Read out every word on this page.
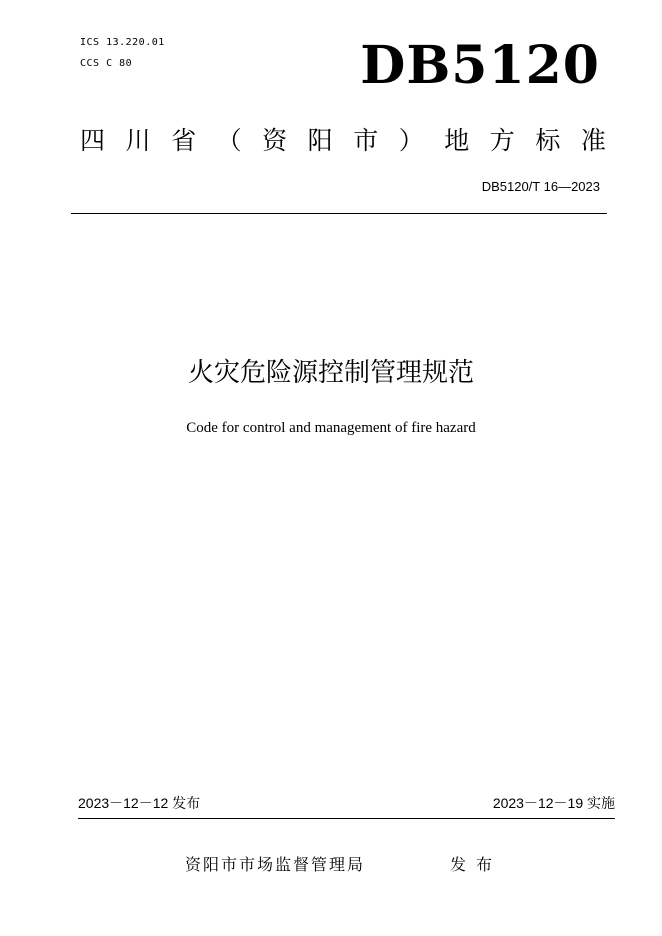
ICS 13.220.01
CCS C 80	DB5120
四 川 省 （ 资 阳 市 ） 地 方 标 准
DB5120/T 16—2023
火灾危险源控制管理规范
Code for control and management of fire hazard
2023－12－12 发布	2023－12－19 实施
资阳市市场监督管理局	发布
